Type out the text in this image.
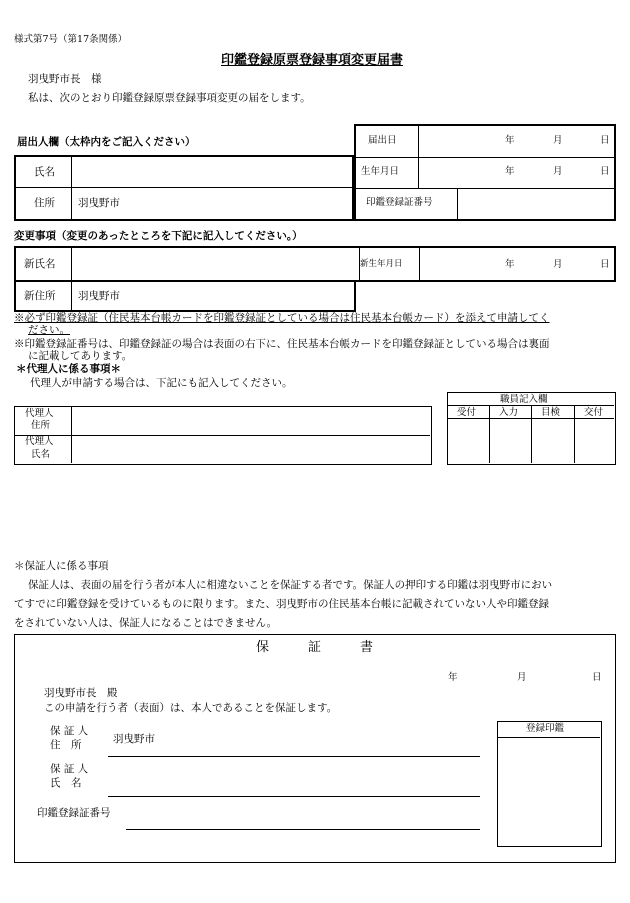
様式第7号（第17条関係）
印鑑登録原票登録事項変更届書
羽曳野市長　様
私は、次のとおり印鑑登録原票登録事項変更の届をします。
届出人欄（太枠内をご記入ください）
氏名
住所 羽曳野市
届出日	年	月	日
生年月日	年	月	日
印鑑登録証番号
変更事項（変更のあったところを下記に記入してください。）
新氏名	新生年月日	年	月	日
新住所 羽曳野市
※必ず印鑑登録証（住民基本台帳カードを印鑑登録証としている場合は住民基本台帳カード）を添えて申請してく
ださい。
※印鑑登録証番号は、印鑑登録証の場合は表面の右下に、住民基本台帳カードを印鑑登録証としている場合は裏面
に記載してあります。
＊代理人に係る事項＊
代理人が申請する場合は、下記にも記入してください。
代理人
住所
代理人
氏名
職員記入欄
受付 入力 目検	交付
＊保証人に係る事項
保証人は、表面の届を行う者が本人に相違ないことを保証する者です。保証人の押印する印鑑は羽曳野市におい
てすでに印鑑登録を受けているものに限ります。また、羽曳野市の住民基本台帳に記載されていない人や印鑑登録
をされていない人は、保証人になることはできません。
保　　　証　　　書
年	月	日
羽曳野市長　殿
この申請を行う者（表面）は、本人であることを保証します。
保 証 人
住　所	羽曳野市
保 証 人
氏　名
印鑑登録証番号
登録印鑑
